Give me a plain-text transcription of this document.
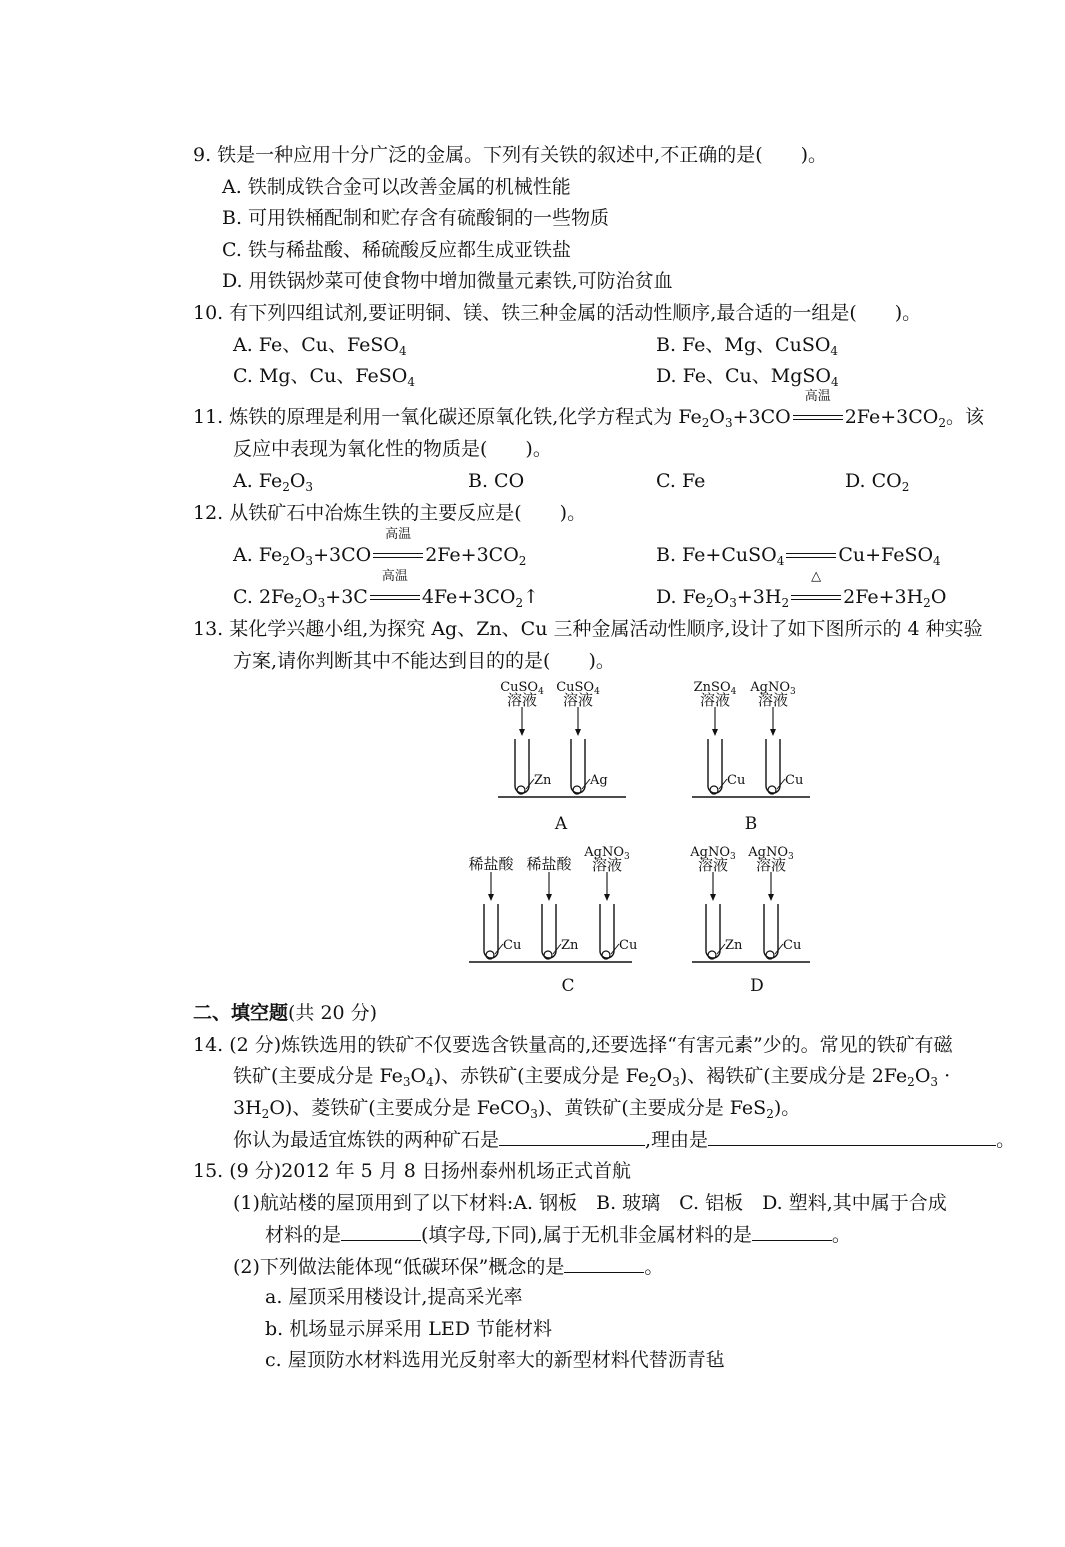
9. 铁是一种应用十分广泛的金属。下列有关铁的叙述中,不正确的是(　　)。
A. 铁制成铁合金可以改善金属的机械性能
B. 可用铁桶配制和贮存含有硫酸铜的一些物质
C. 铁与稀盐酸、稀硫酸反应都生成亚铁盐
D. 用铁锅炒菜可使食物中增加微量元素铁,可防治贫血
10. 有下列四组试剂,要证明铜、镁、铁三种金属的活动性顺序,最合适的一组是(　　)。
A. Fe、Cu、FeSO$_4$	B. Fe、Mg、CuSO$_4$
C. Mg、Cu、FeSO$_4$	D. Fe、Cu、MgSO$_4$
11. 炼铁的原理是利用一氧化碳还原氧化铁,化学方程式为 $Fe_2O_3+3CO$
高温
$2Fe+3CO_2$。该
反应中表现为氧化性的物质是(　　)。
A. $Fe_2O_3$	B. CO	C. Fe	D. $CO_2$
12. 从铁矿石中冶炼生铁的主要反应是(　　)。
A. $Fe_2O_3+3CO$
高温
$2Fe+3CO_2$	B. Fe+CuSO$_4$	Cu+FeSO$_4$
C. $2Fe_2O_3+3C$
高温
$4Fe+3CO_2↑$	D. $Fe_2O_3+3H_2$
△
$2Fe+3H_2O$
13. 某化学兴趣小组,为探究 Ag、Zn、Cu 三种金属活动性顺序,设计了如下图所示的 4 种实验
方案,请你判断其中不能达到目的的是(　　)。
Zn
CuSO$_4$
溶液
Ag
CuSO$_4$
溶液
A
Cu
ZnSO$_4$
溶液
Cu
AgNO$_3$
溶液
B
Cu
稀盐酸
Zn
稀盐酸
Cu
AgNO$_3$
溶液
C
Zn
AgNO$_3$
溶液
Cu
AgNO$_3$
溶液
D
二、填空题(共 20 分)
14. (2 分)炼铁选用的铁矿不仅要选含铁量高的,还要选择“有害元素”少的。常见的铁矿有磁
铁矿(主要成分是 $Fe_3O_4$)、赤铁矿(主要成分是 $Fe_2O_3$)、褐铁矿(主要成分是 $2Fe_2O_3$ ·
$3H_2O$)、菱铁矿(主要成分是 FeCO$_3$)、黄铁矿(主要成分是 FeS$_2$)。
你认为最适宜炼铁的两种矿石是	,理由是	。
15. (9 分)2012 年 5 月 8 日扬州泰州机场正式首航
(1)航站楼的屋顶用到了以下材料:A. 钢板　B. 玻璃　C. 铝板　D. 塑料,其中属于合成
材料的是	(填字母,下同),属于无机非金属材料的是	。
(2)下列做法能体现“低碳环保”概念的是	。
a. 屋顶采用楼设计,提高采光率
b. 机场显示屏采用 LED 节能材料
c. 屋顶防水材料选用光反射率大的新型材料代替沥青毡
